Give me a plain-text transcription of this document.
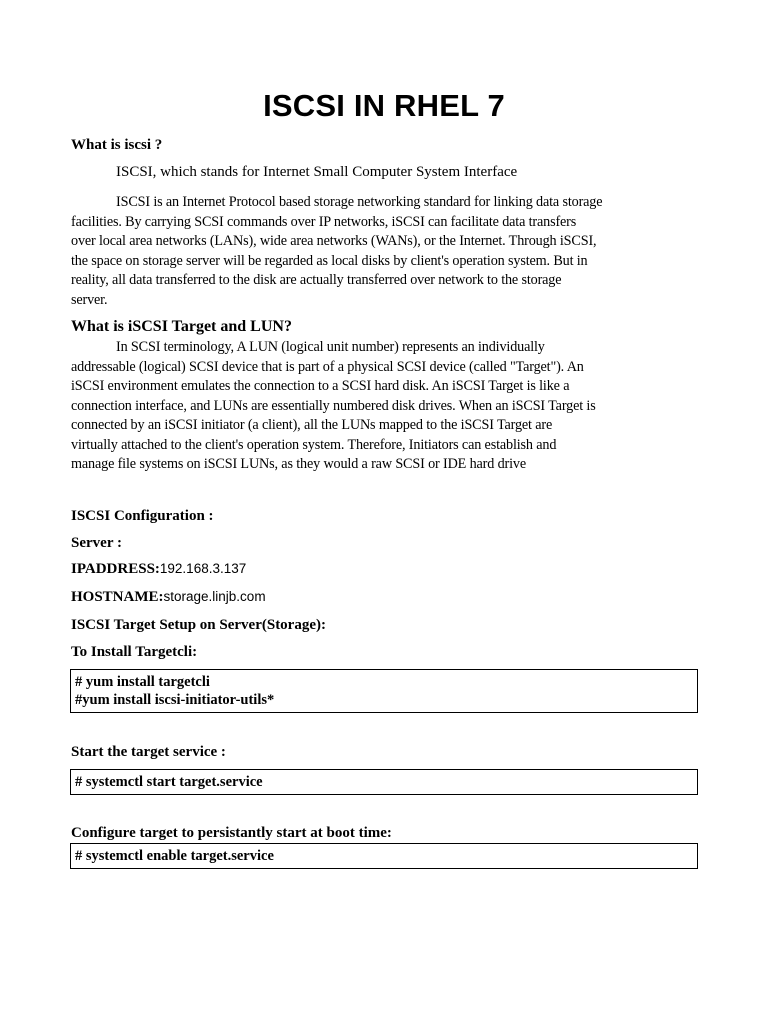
ISCSI IN RHEL 7
What is iscsi ?
ISCSI, which stands for Internet Small Computer System Interface
ISCSI is an Internet Protocol based storage networking standard for linking data storage
facilities. By carrying SCSI commands over IP networks, iSCSI can facilitate data transfers
over local area networks (LANs), wide area networks (WANs), or the Internet. Through iSCSI,
the space on storage server will be regarded as local disks by client's operation system. But in
reality, all data transferred to the disk are actually transferred over network to the storage
server.
What is iSCSI Target and LUN?
In SCSI terminology, A LUN (logical unit number) represents an individually
addressable (logical) SCSI device that is part of a physical SCSI device (called "Target"). An
iSCSI environment emulates the connection to a SCSI hard disk. An iSCSI Target is like a
connection interface, and LUNs are essentially numbered disk drives. When an iSCSI Target is
connected by an iSCSI initiator (a client), all the LUNs mapped to the iSCSI Target are
virtually attached to the client's operation system. Therefore, Initiators can establish and
manage file systems on iSCSI LUNs, as they would a raw SCSI or IDE hard drive
ISCSI Configuration :
Server :
IPADDRESS:192.168.3.137
HOSTNAME:storage.linjb.com
ISCSI Target Setup on Server(Storage):
To Install Targetcli:
# yum install targetcli
#yum install iscsi-initiator-utils*
Start the target service :
# systemctl start target.service
Configure target to persistantly start at boot time:
# systemctl enable target.service
